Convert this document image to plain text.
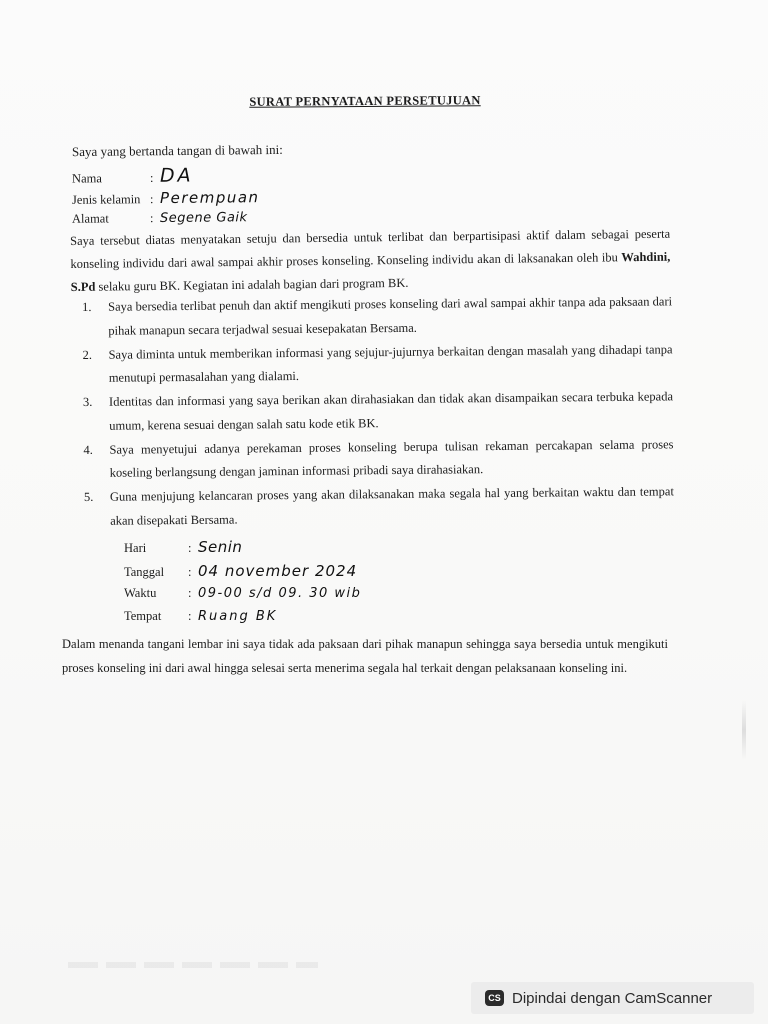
SURAT PERNYATAAN PERSETUJUAN
Saya yang bertanda tangan di bawah ini:
Nama	: DA
Jenis kelamin : Perempuan
Alamat	: Segene Gaik
Saya tersebut diatas menyatakan setuju dan bersedia untuk terlibat dan berpartisipasi aktif dalam sebagai peserta konseling individu dari awal sampai akhir proses konseling. Konseling individu akan di laksanakan oleh ibu Wahdini, S.Pd selaku guru BK. Kegiatan ini adalah bagian dari program BK.
1.	Saya bersedia terlibat penuh dan aktif mengikuti proses konseling dari awal sampai akhir tanpa ada paksaan dari pihak manapun secara terjadwal sesuai kesepakatan Bersama.
2.	Saya diminta untuk memberikan informasi yang sejujur-jujurnya berkaitan dengan masalah yang dihadapi tanpa menutupi permasalahan yang dialami.
3.	Identitas dan informasi yang saya berikan akan dirahasiakan dan tidak akan disampaikan secara terbuka kepada umum, kerena sesuai dengan salah satu kode etik BK.
4.	Saya menyetujui adanya perekaman proses konseling berupa tulisan rekaman percakapan selama proses koseling berlangsung dengan jaminan informasi pribadi saya dirahasiakan.
5.	Guna menjujung kelancaran proses yang akan dilaksanakan maka segala hal yang berkaitan waktu dan tempat akan disepakati Bersama.
Hari	: Senin
Tanggal	: 04 november 2024
Waktu	: 09-00 s/d 09. 30 wib
Tempat	: Ruang BK
Dalam menanda tangani lembar ini saya tidak ada paksaan dari pihak manapun sehingga saya bersedia untuk mengikuti proses konseling ini dari awal hingga selesai serta menerima segala hal terkait dengan pelaksanaan konseling ini.
CS Dipindai dengan CamScanner
